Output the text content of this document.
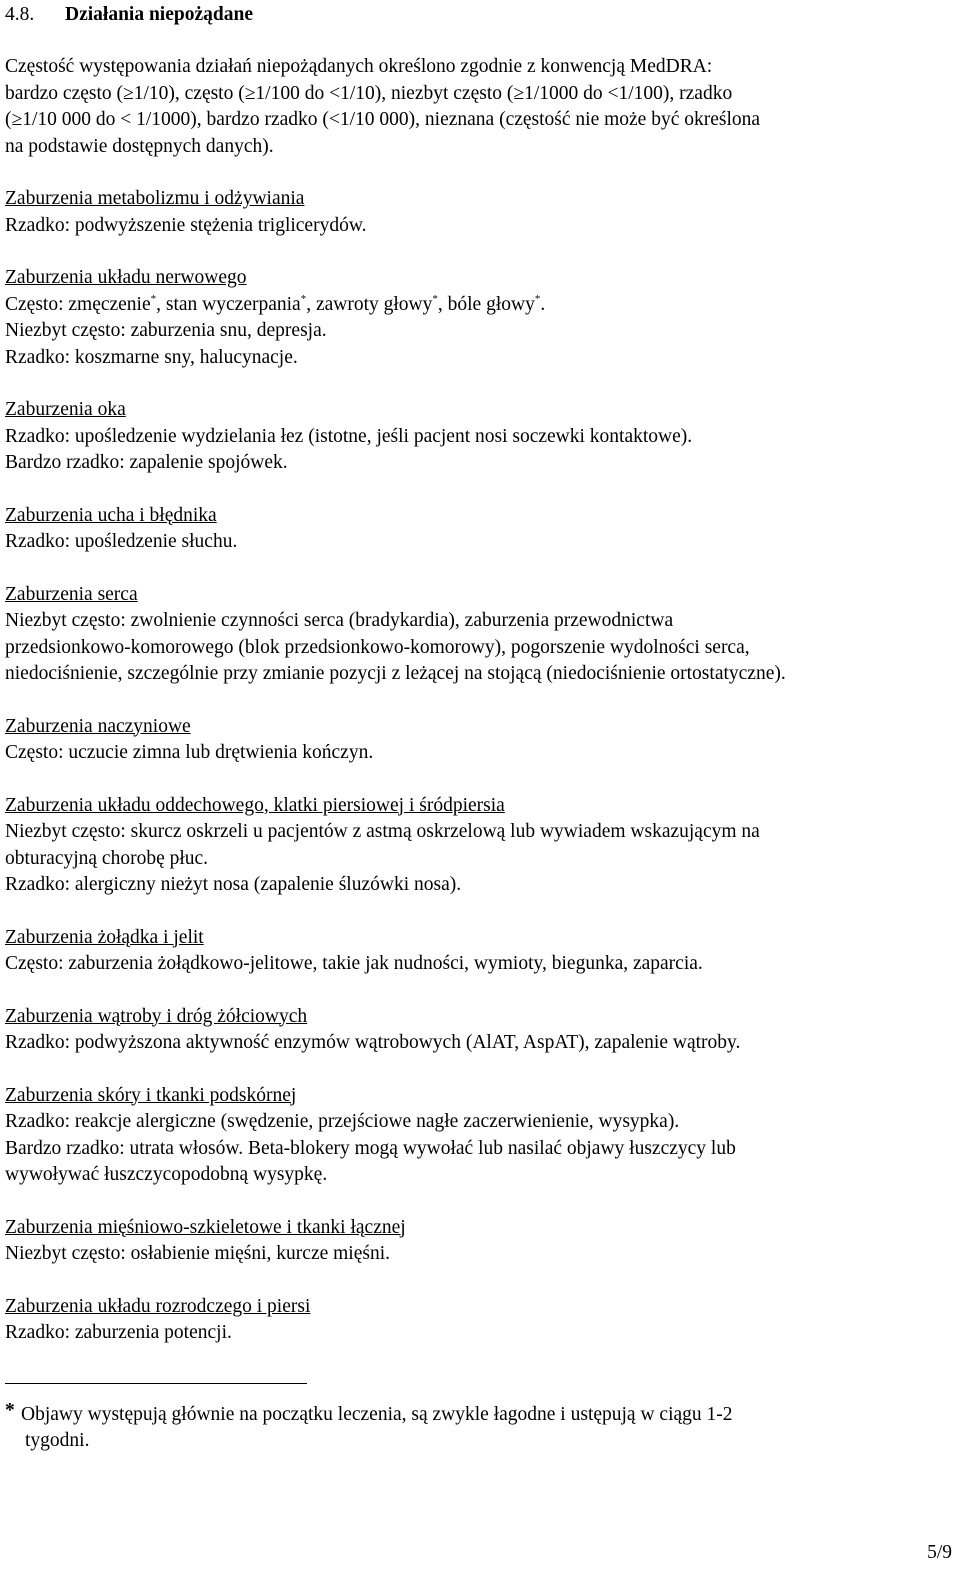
4.8. Działania niepożądane

Częstość występowania działań niepożądanych określono zgodnie z konwencją MedDRA:

bardzo często (≥1/10), często (≥1/100 do <1/10), niezbyt często (≥1/1000 do <1/100), rzadko

(≥1/10 000 do < 1/1000), bardzo rzadko (<1/10 000), nieznana (częstość nie może być określona

na podstawie dostępnych danych).

Zaburzenia metabolizmu i odżywiania

Rzadko: podwyższenie stężenia triglicerydów.

Zaburzenia układu nerwowego

Często: zmęczenie*, stan wyczerpania*, zawroty głowy*, bóle głowy*.

Niezbyt często: zaburzenia snu, depresja.

Rzadko: koszmarne sny, halucynacje.

Zaburzenia oka

Rzadko: upośledzenie wydzielania łez (istotne, jeśli pacjent nosi soczewki kontaktowe).

Bardzo rzadko: zapalenie spojówek.

Zaburzenia ucha i błędnika

Rzadko: upośledzenie słuchu.

Zaburzenia serca

Niezbyt często: zwolnienie czynności serca (bradykardia), zaburzenia przewodnictwa

przedsionkowo-komorowego (blok przedsionkowo-komorowy), pogorszenie wydolności serca,

niedociśnienie, szczególnie przy zmianie pozycji z leżącej na stojącą (niedociśnienie ortostatyczne).

Zaburzenia naczyniowe

Często: uczucie zimna lub drętwienia kończyn.

Zaburzenia układu oddechowego, klatki piersiowej i śródpiersia

Niezbyt często: skurcz oskrzeli u pacjentów z astmą oskrzelową lub wywiadem wskazującym na

obturacyjną chorobę płuc.

Rzadko: alergiczny nieżyt nosa (zapalenie śluzówki nosa).

Zaburzenia żołądka i jelit

Często: zaburzenia żołądkowo-jelitowe, takie jak nudności, wymioty, biegunka, zaparcia.

Zaburzenia wątroby i dróg żółciowych

Rzadko: podwyższona aktywność enzymów wątrobowych (AlAT, AspAT), zapalenie wątroby.

Zaburzenia skóry i tkanki podskórnej

Rzadko: reakcje alergiczne (swędzenie, przejściowe nagłe zaczerwienienie, wysypka).

Bardzo rzadko: utrata włosów. Beta-blokery mogą wywołać lub nasilać objawy łuszczycy lub

wywoływać łuszczycopodobną wysypkę.

Zaburzenia mięśniowo-szkieletowe i tkanki łącznej

Niezbyt często: osłabienie mięśni, kurcze mięśni.

Zaburzenia układu rozrodczego i piersi

Rzadko: zaburzenia potencji.

* Objawy występują głównie na początku leczenia, są zwykle łagodne i ustępują w ciągu 1-2

tygodni.

5/9
